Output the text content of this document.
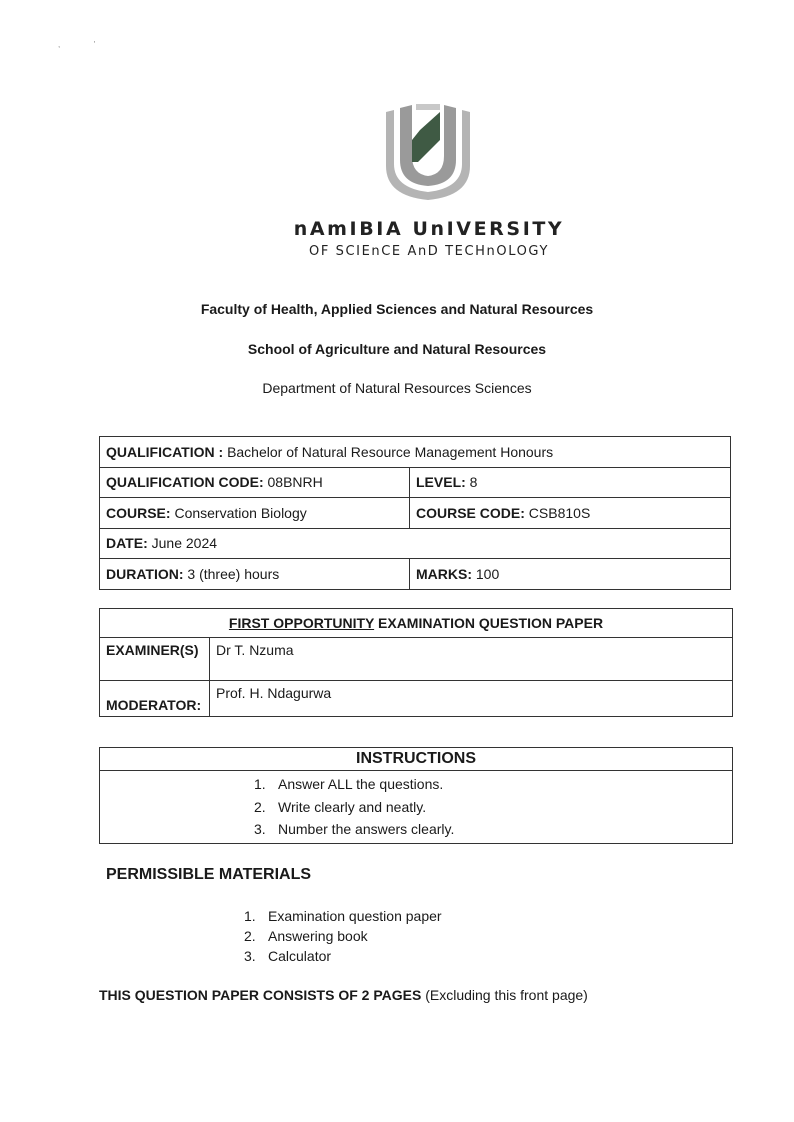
,               '
nAmIBIA UnIVERSITY
OF SCIEnCE AnD TECHnOLOGY
Faculty of Health, Applied Sciences and Natural Resources
School of Agriculture and Natural Resources
Department of Natural Resources Sciences
QUALIFICATION : Bachelor of Natural Resource Management Honours	
QUALIFICATION CODE: 08BNRH	LEVEL: 8
COURSE: Conservation Biology	COURSE CODE: CSB810S
DATE: June 2024	
DURATION: 3 (three) hours	MARKS: 100
FIRST OPPORTUNITY EXAMINATION QUESTION PAPER	
EXAMINER(S)	Dr T. Nzuma
MODERATOR:	Prof. H. Ndagurwa
INSTRUCTIONS

1. Answer ALL the questions.
2. Write clearly and neatly.
3. Number the answers clearly.
PERMISSIBLE MATERIALS
1. Examination question paper
2. Answering book
3. Calculator
THIS QUESTION PAPER CONSISTS OF 2 PAGES (Excluding this front page)
